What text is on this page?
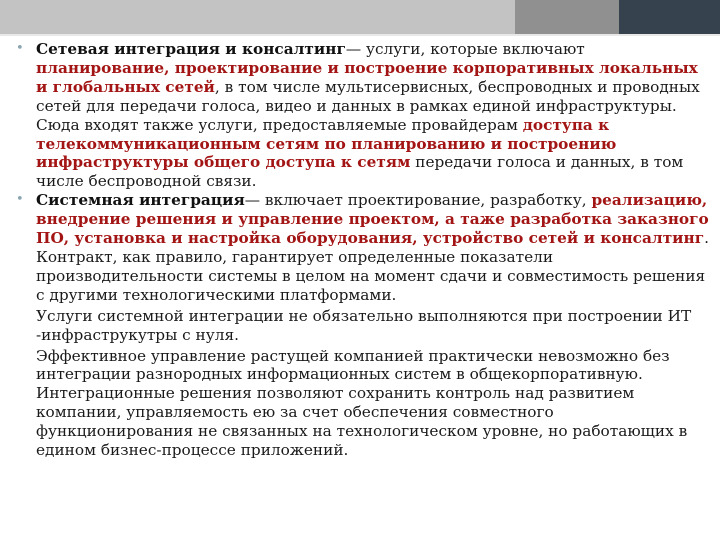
• Сетевая интеграция и консалтинг— услуги, которые включают планирование, проектирование и построение корпоративных локальных и глобальных сетей, в том числе мультисервисных, беспроводных и проводных сетей для передачи голоса, видео и данных в рамках единой инфраструктуры. Сюда входят также услуги, предоставляемые провайдерам доступа к телекоммуникационным сетям по планированию и построению инфраструктуры общего доступа к сетям передачи голоса и данных, в том числе беспроводной связи.

• Системная интеграция— включает проектирование, разработку, реализацию, внедрение решения и управление проектом, а таже разработка заказного ПО, установка и настройка оборудования, устройство сетей и консалтинг. Контракт, как правило, гарантирует определенные показатели производительности системы в целом на момент сдачи и совместимость решения с другими технологическими платформами.

Услуги системной интеграции не обязательно выполняются при построении ИТ -инфраструкутры с нуля.
Эффективное управление растущей компанией практически невозможно без интеграции разнородных информационных систем в общекорпоративную. Интеграционные решения позволяют сохранить контроль над развитием компании, управляемость ею за счет обеспечения совместного функционирования не связанных на технологическом уровне, но работающих в едином бизнес-процессе приложений.
